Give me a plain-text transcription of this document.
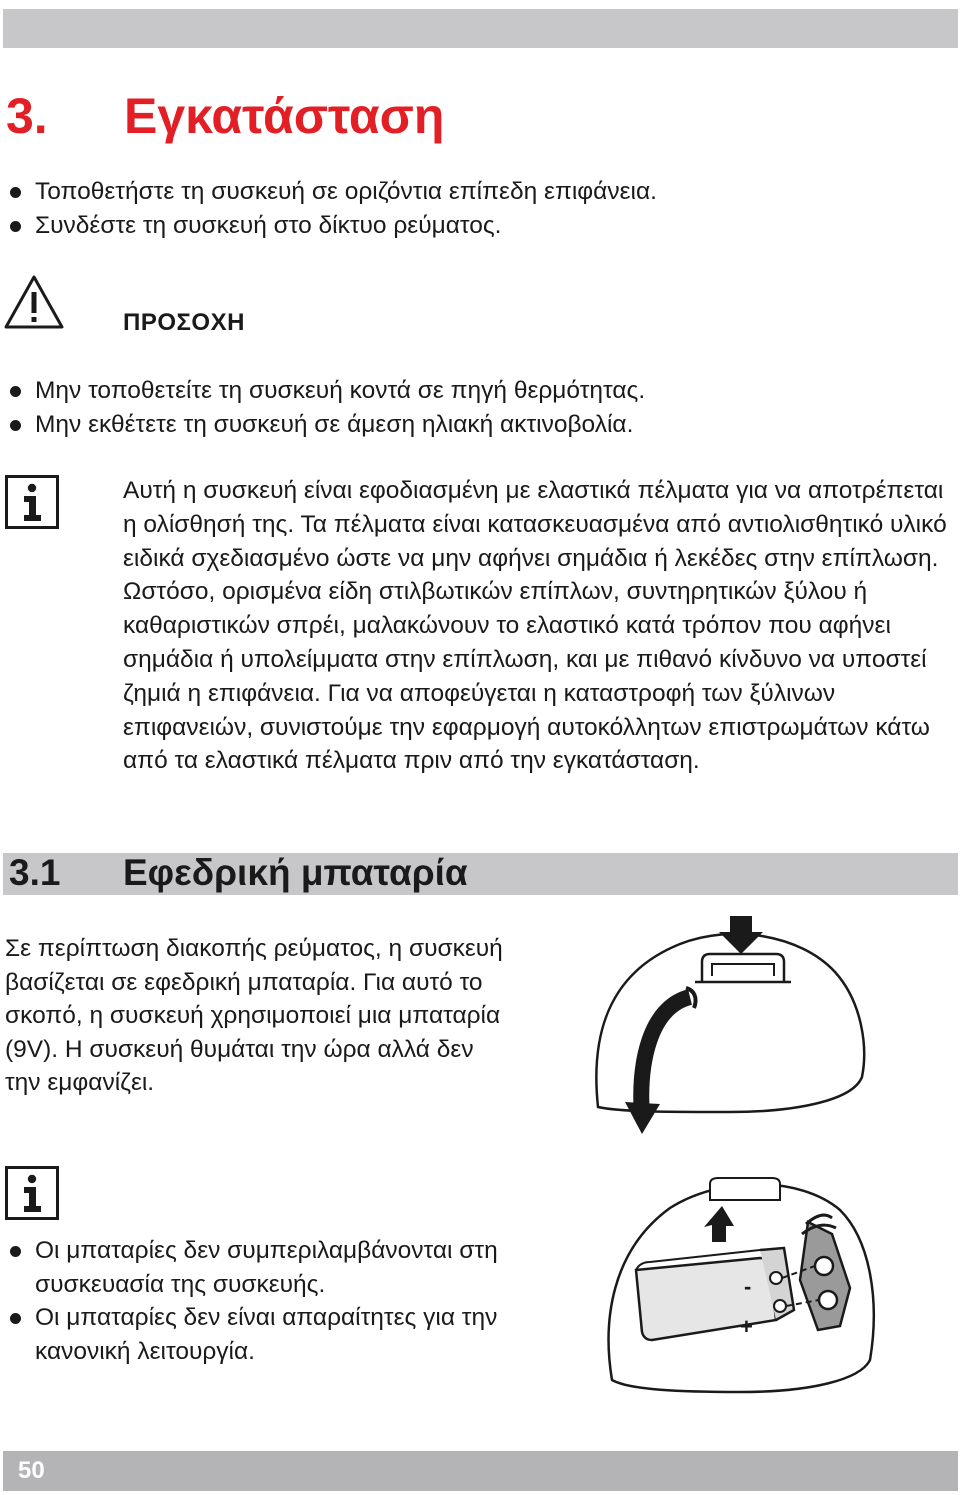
3. Εγκατάσταση
Τοποθετήστε τη συσκευή σε οριζόντια επίπεδη επιφάνεια.
Συνδέστε τη συσκευή στο δίκτυο ρεύματος.
ΠΡΟΣΟΧΗ
Μην τοποθετείτε τη συσκευή κοντά σε πηγή θερμότητας.
Μην εκθέτετε τη συσκευή σε άμεση ηλιακή ακτινοβολία.
Αυτή η συσκευή είναι εφοδιασμένη με ελαστικά πέλματα για να αποτρέπεται η ολίσθησή της. Τα πέλματα είναι κατασκευασμένα από αντιολισθητικό υλικό ειδικά σχεδιασμένο ώστε να μην αφήνει σημάδια ή λεκέδες στην επίπλωση. Ωστόσο, ορισμένα είδη στιλβωτικών επίπλων, συντηρητικών ξύλου ή καθαριστικών σπρέι, μαλακώνουν το ελαστικό κατά τρόπον που αφήνει σημάδια ή υπολείμματα στην επίπλωση, και με πιθανό κίνδυνο να υποστεί ζημιά η επιφάνεια. Για να αποφεύγεται η καταστροφή των ξύλινων επιφανειών, συνιστούμε την εφαρμογή αυτοκόλλητων επιστρωμάτων κάτω από τα ελαστικά πέλματα πριν από την εγκατάσταση.
3.1 Εφεδρική μπαταρία
Σε περίπτωση διακοπής ρεύματος, η συσκευή βασίζεται σε εφεδρική μπαταρία. Για αυτό το σκοπό, η συσκευή χρησιμοποιεί μια μπαταρία (9V). Η συσκευή θυμάται την ώρα αλλά δεν την εμφανίζει.
Οι μπαταρίες δεν συμπεριλαμβάνονται στη συσκευασία της συσκευής.
Οι μπαταρίες δεν είναι απαραίτητες για την κανονική λειτουργία.
-
+
50
